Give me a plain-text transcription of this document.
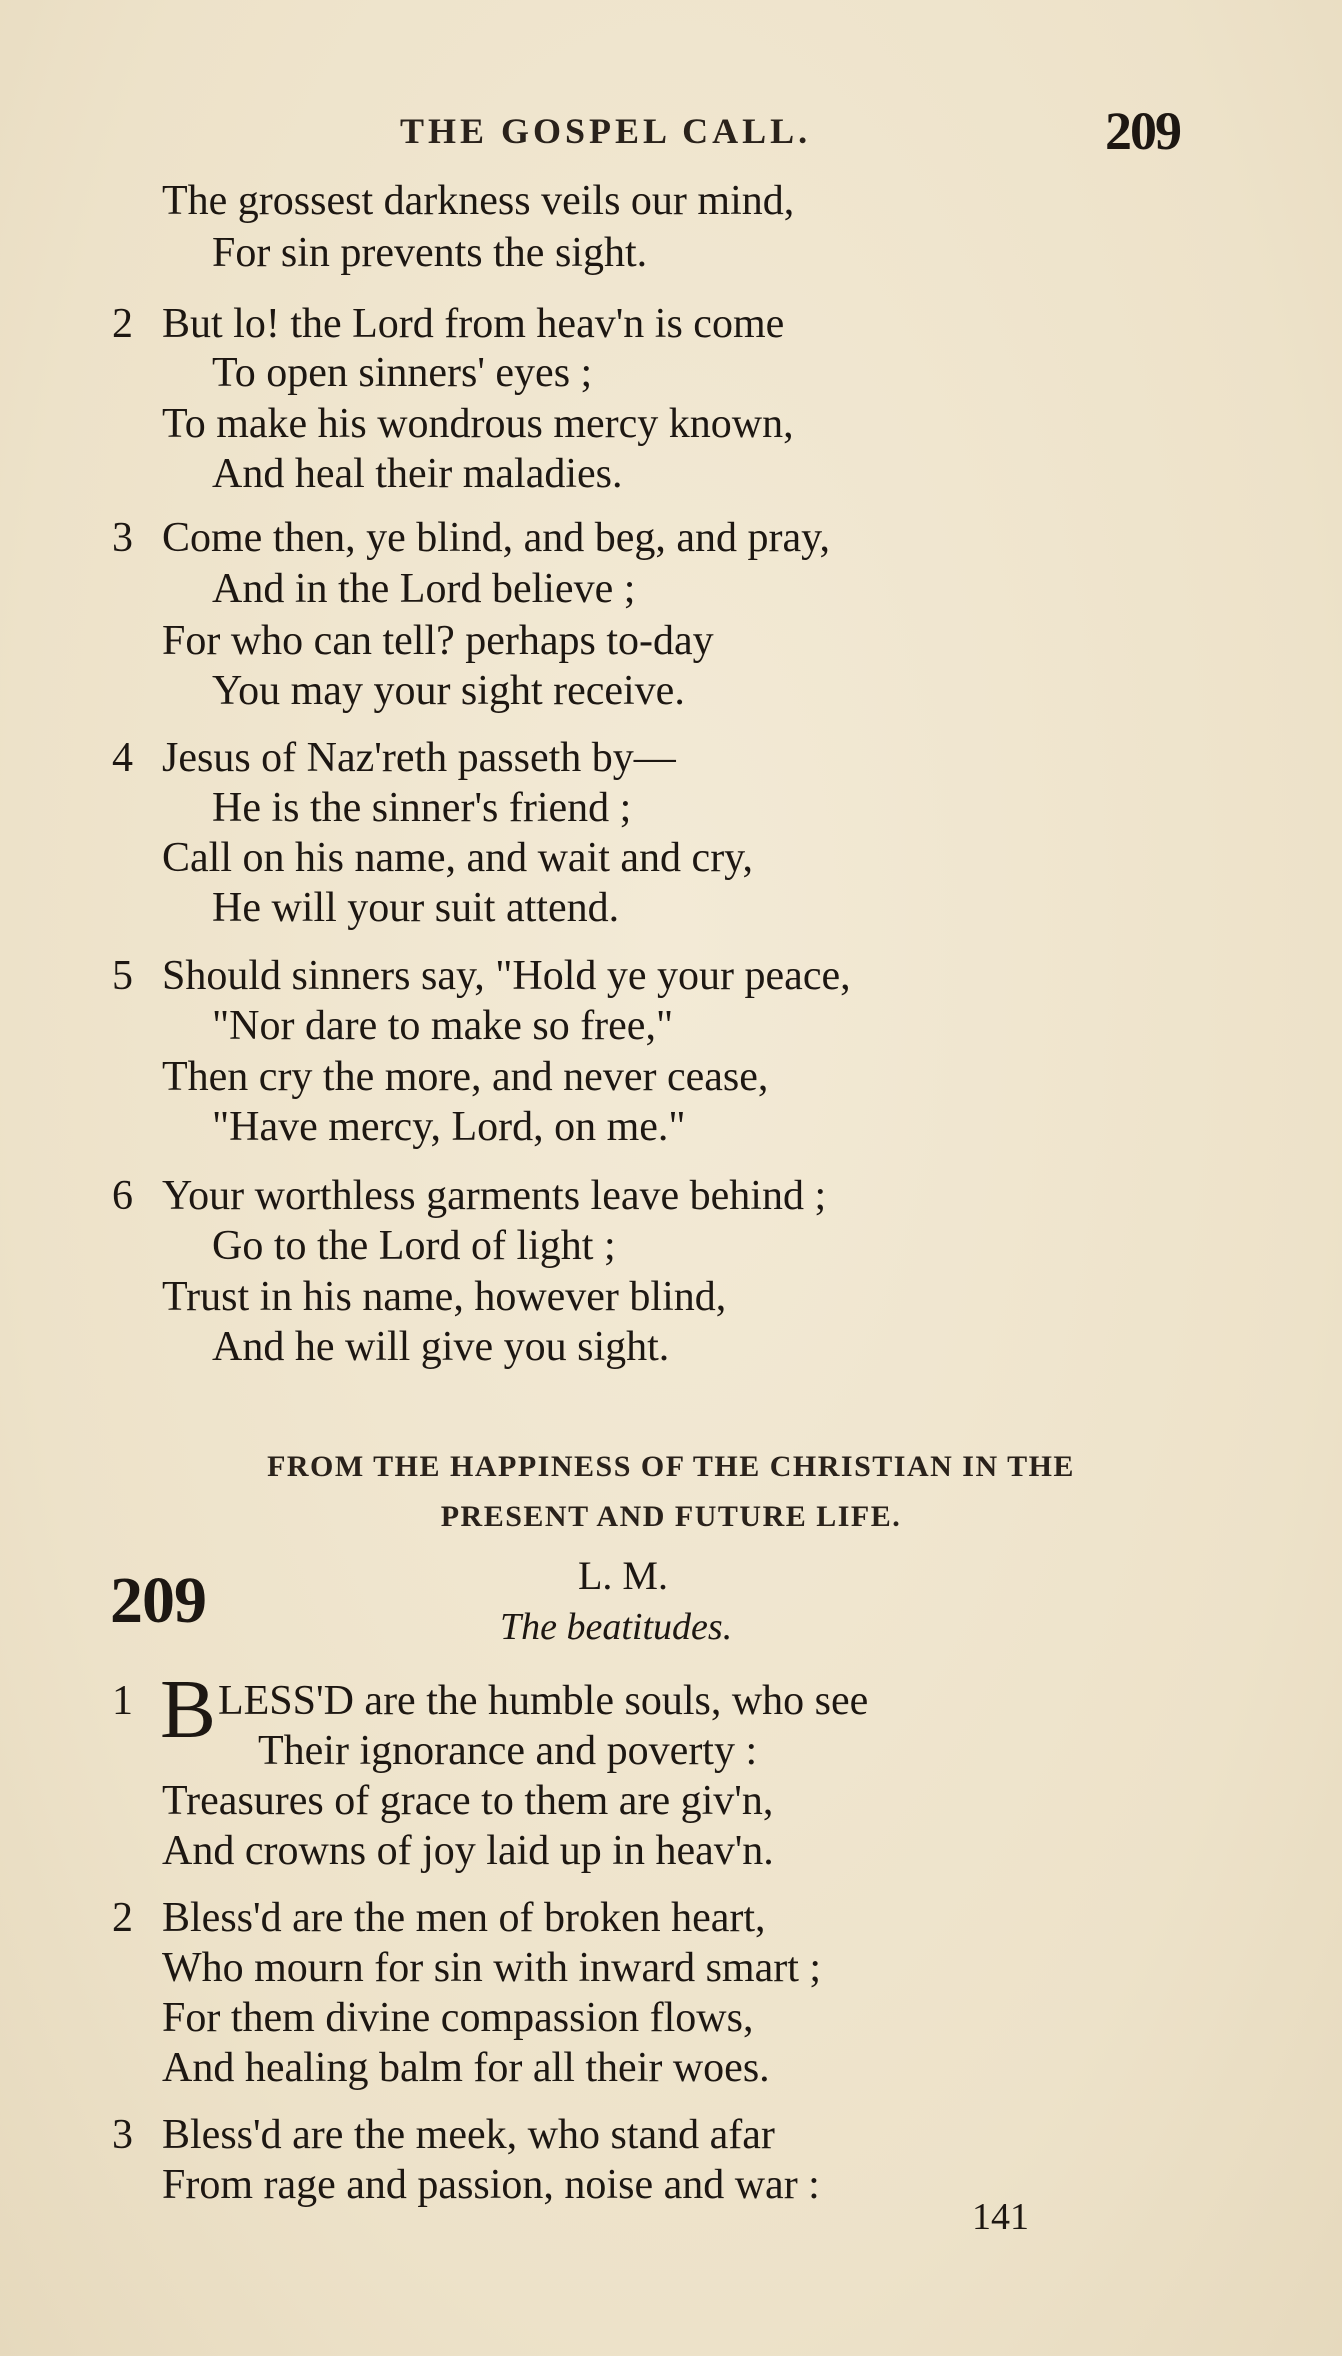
THE GOSPEL CALL.	209
The grossest darkness veils our mind,
For sin prevents the sight.
2 But lo! the Lord from heav'n is come
To open sinners' eyes ;
To make his wondrous mercy known,
And heal their maladies.
3 Come then, ye blind, and beg, and pray,
And in the Lord believe ;
For who can tell? perhaps to-day
You may your sight receive.
4 Jesus of Naz'reth passeth by—
He is the sinner's friend ;
Call on his name, and wait and cry,
He will your suit attend.
5 Should sinners say, "Hold ye your peace,
"Nor dare to make so free,"
Then cry the more, and never cease,
"Have mercy, Lord, on me."
6 Your worthless garments leave behind ;
Go to the Lord of light ;
Trust in his name, however blind,
And he will give you sight.
FROM THE HAPPINESS OF THE CHRISTIAN IN THE
PRESENT AND FUTURE LIFE.
209	L. M.
The beatitudes.
1 B LESS'D are the humble souls, who see
Their ignorance and poverty :
Treasures of grace to them are giv'n,
And crowns of joy laid up in heav'n.
2 Bless'd are the men of broken heart,
Who mourn for sin with inward smart ;
For them divine compassion flows,
And healing balm for all their woes.
3 Bless'd are the meek, who stand afar
From rage and passion, noise and war :
141
